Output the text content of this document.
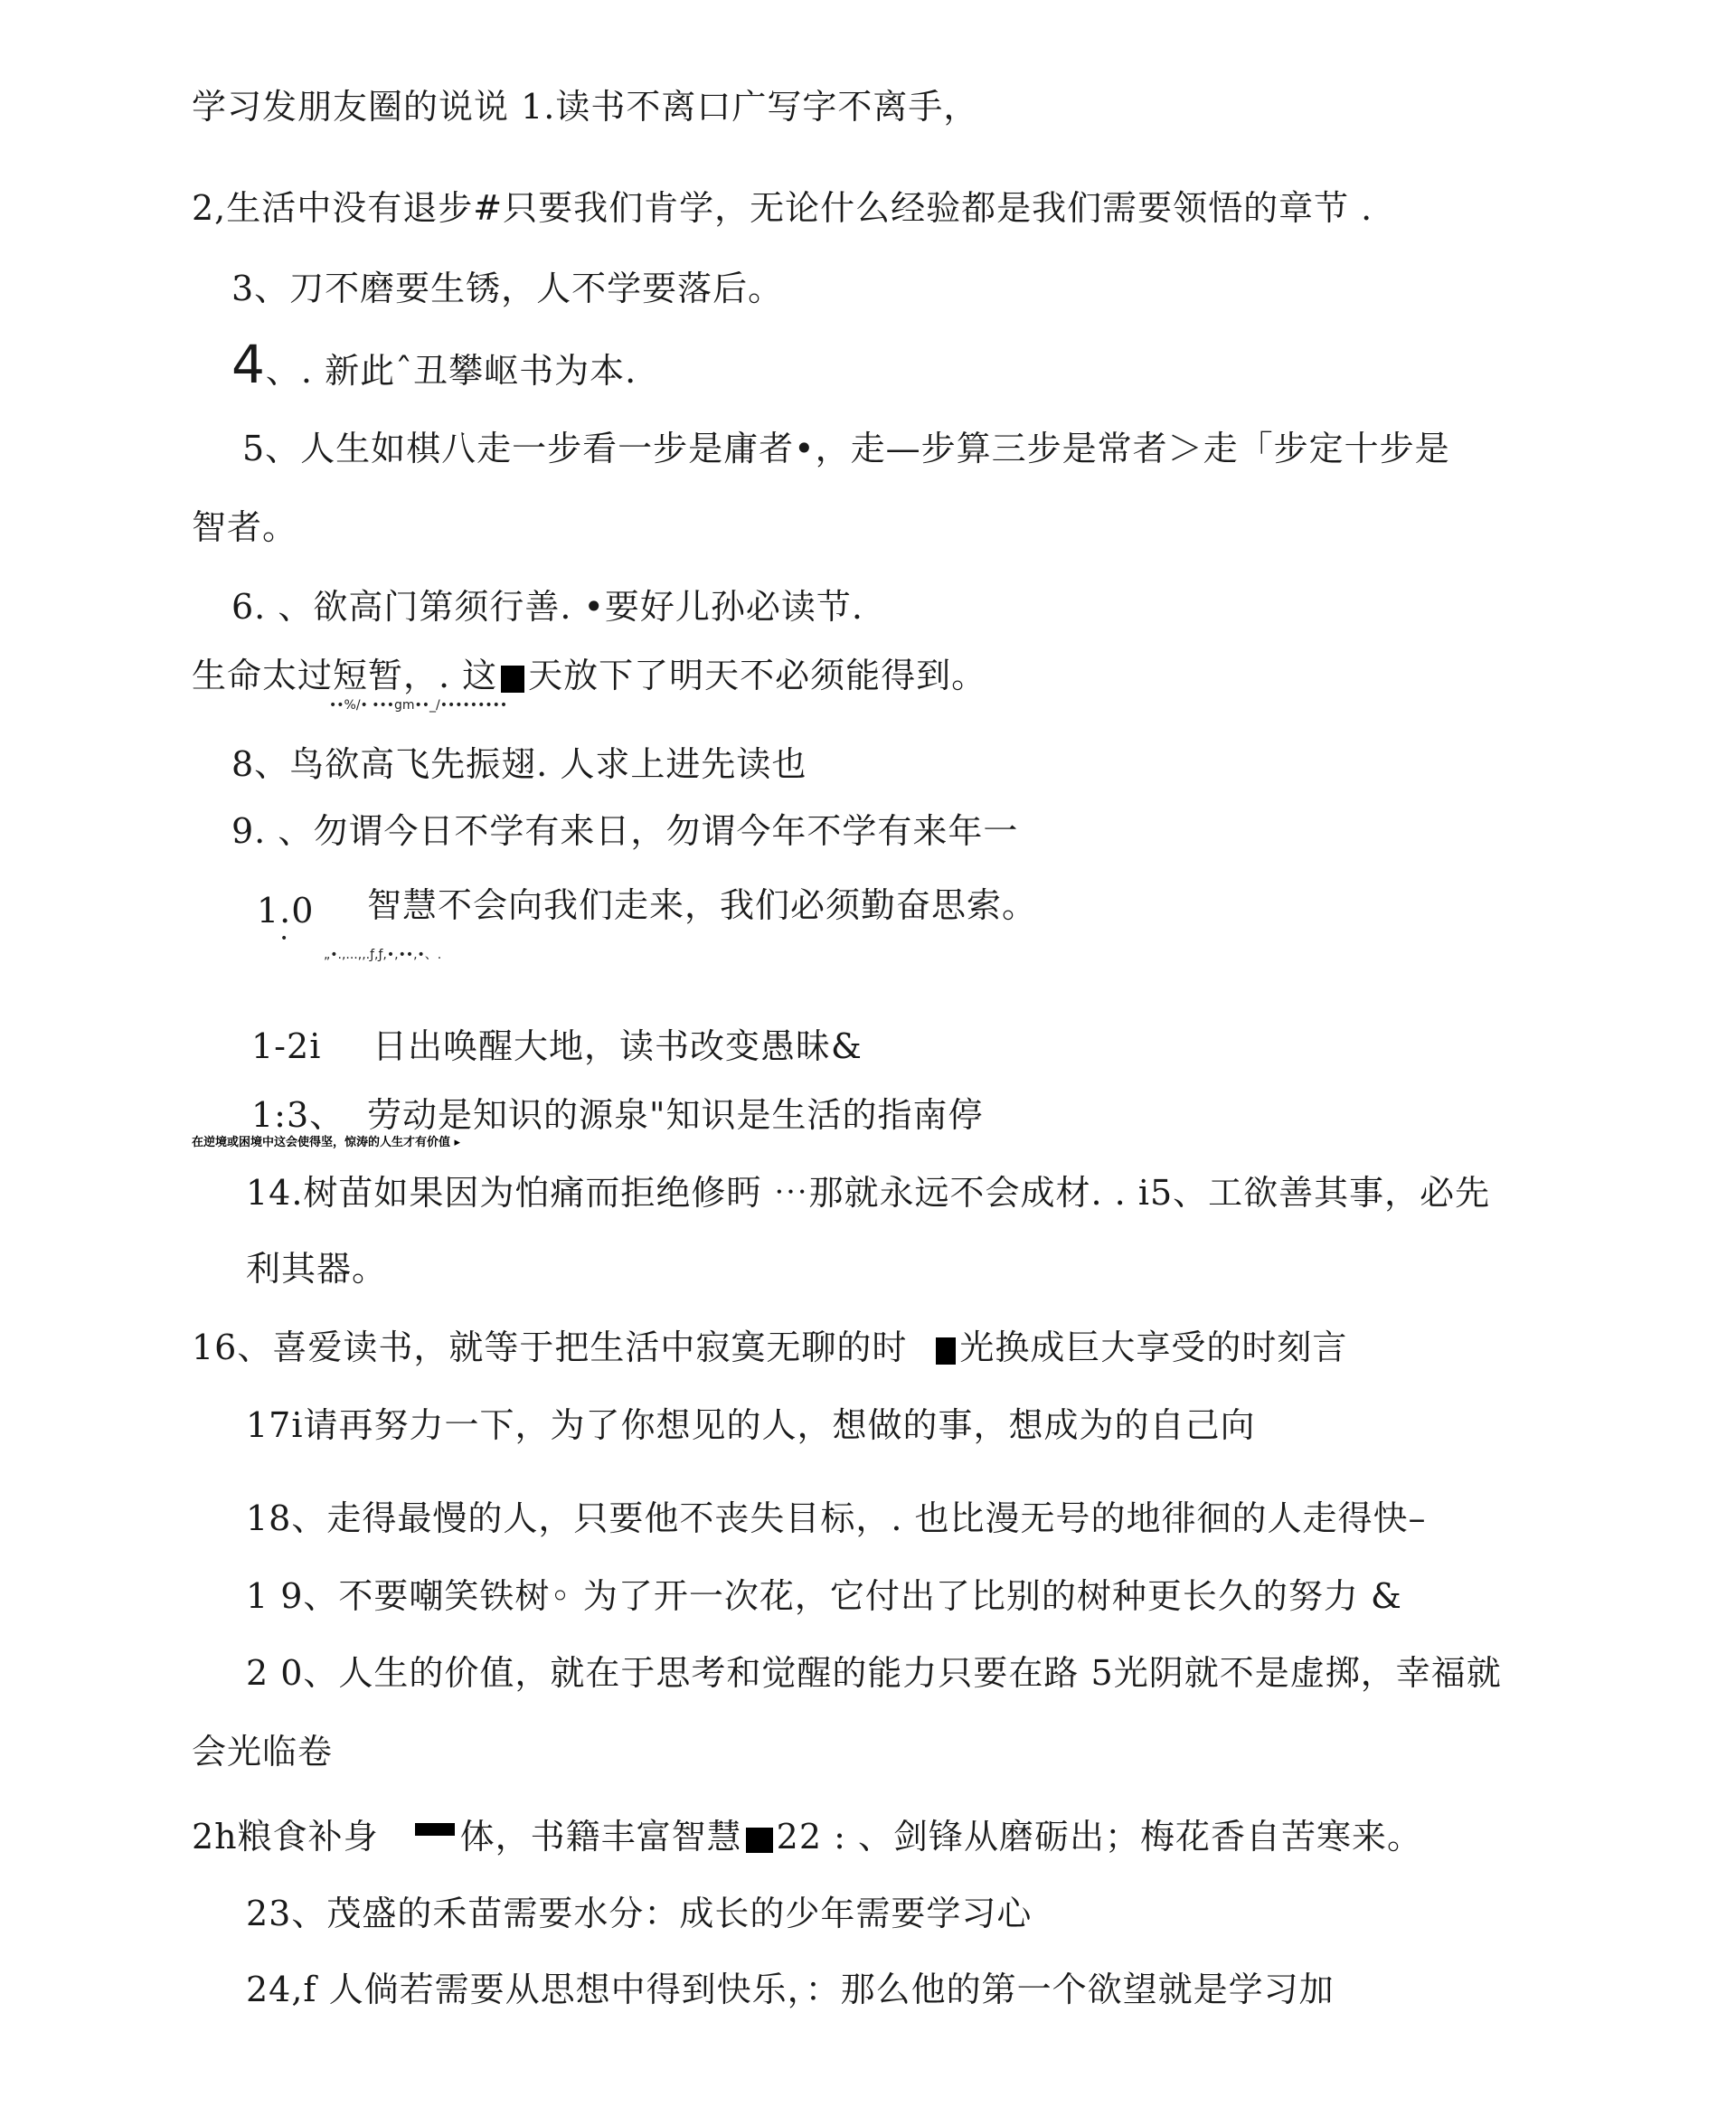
学习发朋友圈的说说 1.读书不离口广写字不离手，
2,生活中没有退步#只要我们肯学，无论什么经验都是我们需要领悟的章节 .
3、刀不磨要生锈，人不学要落后。
4、. 新此ˆ丑攀岖书为本.
5、人生如棋八走一步看一步是庸者•，走—步算三步是常者＞走「步定十步是
智者。
6. 、欲高门第须行善. •要好儿孙必读节.
生命太过短暂，. 这 天放下了明天不必须能得到。
••%/• •••gm••_/•••••••••
8、鸟欲高飞先振翅. 人求上进先读也
9. 、勿谓今日不学有来日，勿谓今年不学有来年一
1.0 智慧不会向我们走来，我们必须勤奋思索。
•
„•.,...,,.ƒ,ƒ,•,••,•、.
1-2i 日出唤醒大地，读书改变愚昧&
1:3、 劳动是知识的源泉"知识是生活的指南停
在逆境或困境中这会使得坚，惊涛的人生才有价值 ▸
14.树苗如果因为怕痛而拒绝修眄 ⋯那就永远不会成材. . i5、工欲善其事，必先
利其器。
16、喜爱读书，就等于把生活中寂寞无聊的时 光换成巨大享受的时刻言
17i请再努力一下，为了你想见的人，想做的事，想成为的自己向
18、走得最慢的人，只要他不丧失目标，. 也比漫无号的地徘徊的人走得快–
1 9、不要嘲笑铁树◦ 为了开一次花，它付出了比别的树种更长久的努力 &
2 0、人生的价值，就在于思考和觉醒的能力只要在路 5光阴就不是虚掷，幸福就
会光临卷
2h粮食补身 体，书籍丰富智慧 22 : 、剑锋从磨砺出；梅花香自苦寒来。
23、茂盛的禾苗需要水分：成长的少年需要学习心
24,f 人倘若需要从思想中得到快乐，：那么他的第一个欲望就是学习加
